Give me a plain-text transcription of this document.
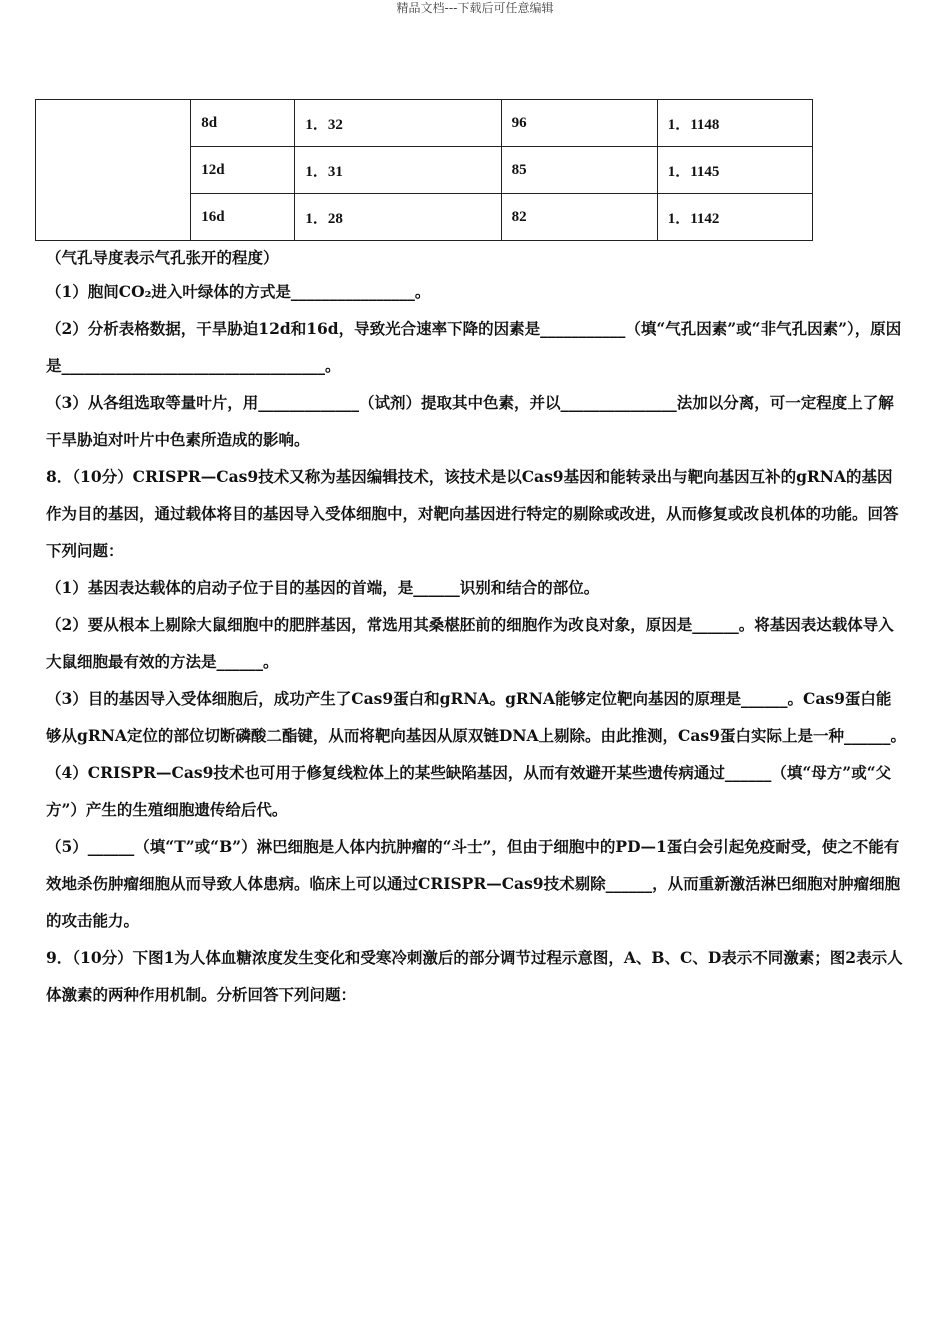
精品文档---下载后可任意编辑
	8d	1．32	96	1．1148
	12d	1．31	85	1．1145
	16d	1．28	82	1．1142

（气孔导度表示气孔张开的程度）

（1）胞间CO₂进入叶绿体的方式是________________。

（2）分析表格数据，干旱胁迫12d和16d，导致光合速率下降的因素是___________（填“气孔因素”或“非气孔因素”），原因是__________________________________。

（3）从各组选取等量叶片，用_____________（试剂）提取其中色素，并以_______________法加以分离，可一定程度上了解干旱胁迫对叶片中色素所造成的影响。

8．（10分）CRISPR—Cas9技术又称为基因编辑技术，该技术是以Cas9基因和能转录出与靶向基因互补的gRNA的基因作为目的基因，通过载体将目的基因导入受体细胞中，对靶向基因进行特定的剔除或改进，从而修复或改良机体的功能。回答下列问题：

（1）基因表达载体的启动子位于目的基因的首端，是______识别和结合的部位。

（2）要从根本上剔除大鼠细胞中的肥胖基因，常选用其桑椹胚前的细胞作为改良对象，原因是______。将基因表达载体导入大鼠细胞最有效的方法是______。

（3）目的基因导入受体细胞后，成功产生了Cas9蛋白和gRNA。gRNA能够定位靶向基因的原理是______。Cas9蛋白能够从gRNA定位的部位切断磷酸二酯键，从而将靶向基因从原双链DNA上剔除。由此推测，Cas9蛋白实际上是一种______。

（4）CRISPR—Cas9技术也可用于修复线粒体上的某些缺陷基因，从而有效避开某些遗传病通过______（填“母方”或“父方”）产生的生殖细胞遗传给后代。

（5）______（填“T”或“B”）淋巴细胞是人体内抗肿瘤的“斗士”，但由于细胞中的PD—1蛋白会引起免疫耐受，使之不能有效地杀伤肿瘤细胞从而导致人体患病。临床上可以通过CRISPR—Cas9技术剔除______，从而重新激活淋巴细胞对肿瘤细胞的攻击能力。

9．（10分）下图1为人体血糖浓度发生变化和受寒冷刺激后的部分调节过程示意图，A、B、C、D表示不同激素；图2表示人体激素的两种作用机制。分析回答下列问题：
